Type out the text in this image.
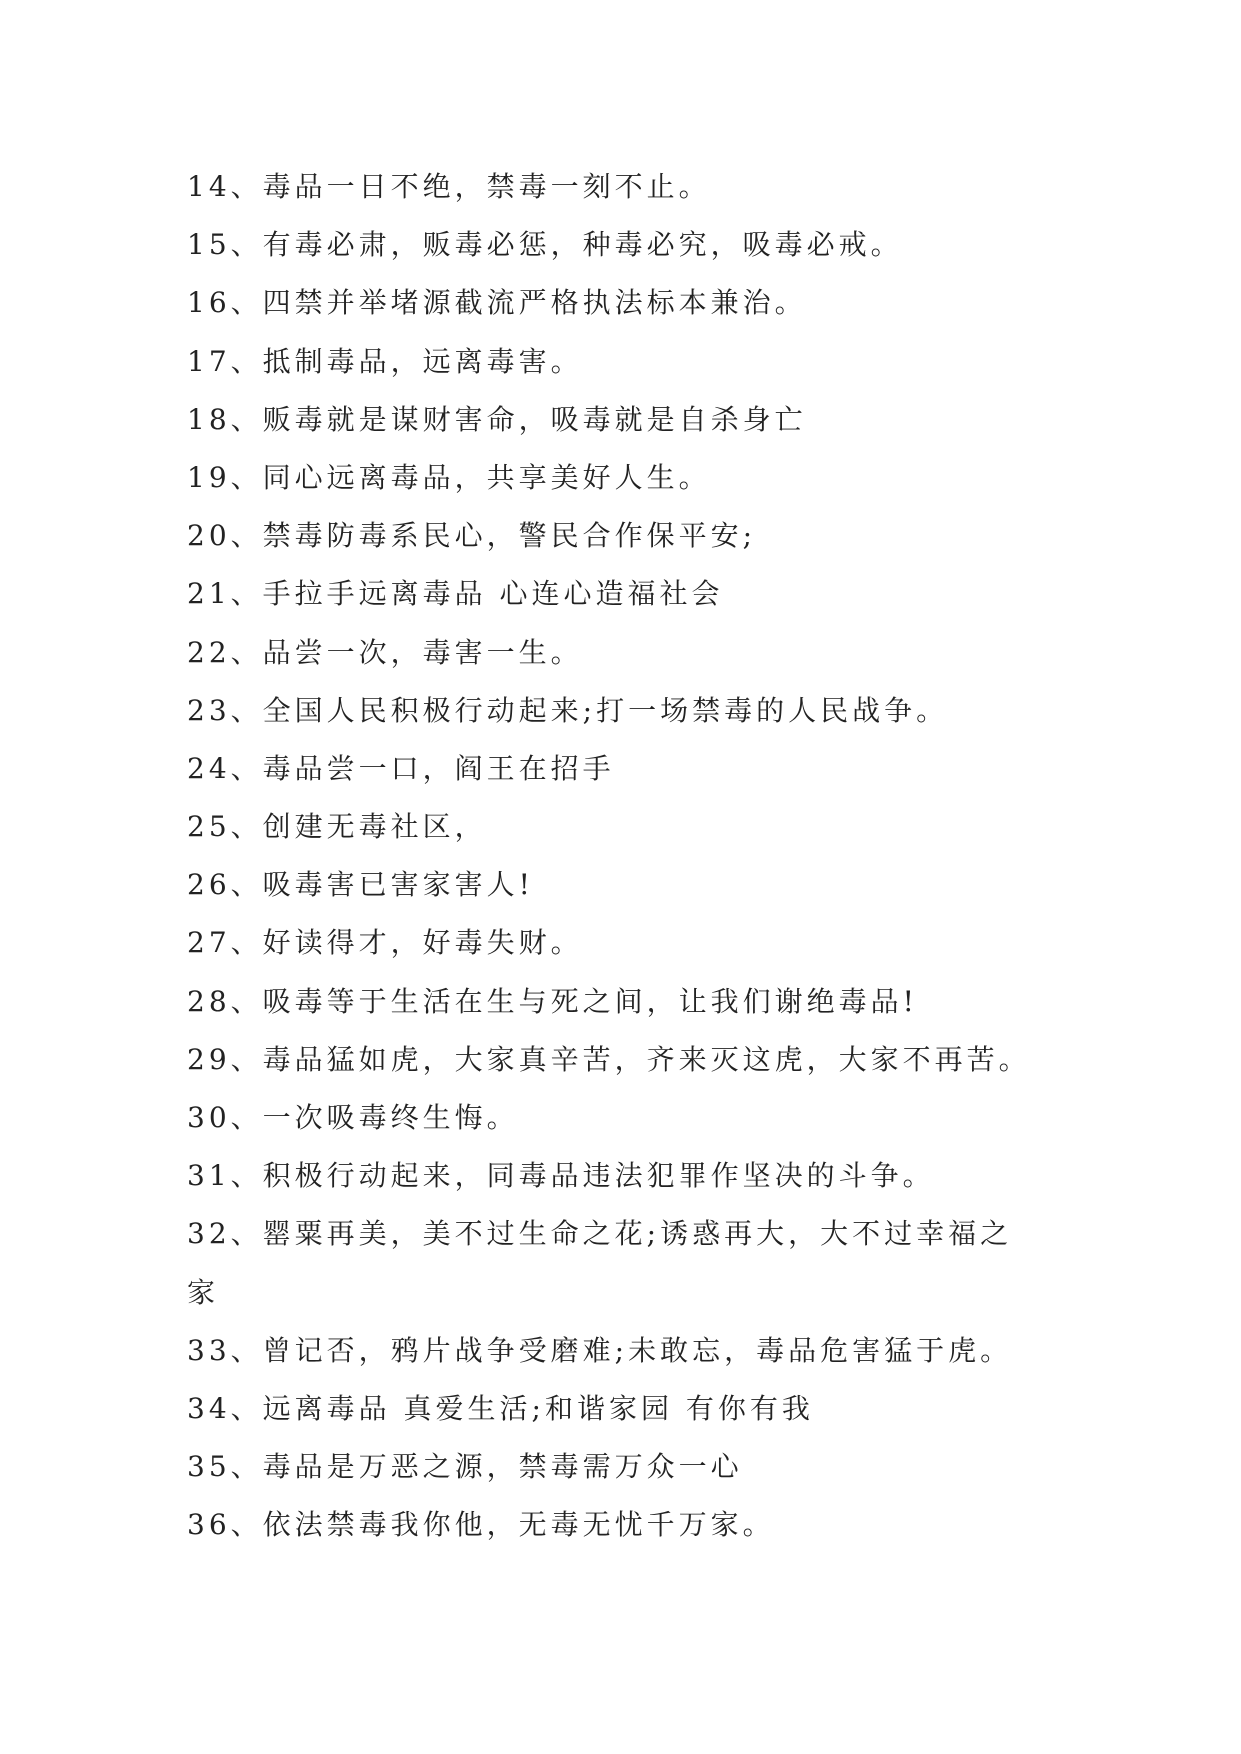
14、毒品一日不绝，禁毒一刻不止。

15、有毒必肃，贩毒必惩，种毒必究，吸毒必戒。

16、四禁并举堵源截流严格执法标本兼治。

17、抵制毒品，远离毒害。

18、贩毒就是谋财害命，吸毒就是自杀身亡

19、同心远离毒品，共享美好人生。

20、禁毒防毒系民心，警民合作保平安;

21、手拉手远离毒品 心连心造福社会

22、品尝一次，毒害一生。

23、全国人民积极行动起来;打一场禁毒的人民战争。

24、毒品尝一口，阎王在招手

25、创建无毒社区，

26、吸毒害已害家害人!

27、好读得才，好毒失财。

28、吸毒等于生活在生与死之间，让我们谢绝毒品!

29、毒品猛如虎，大家真辛苦，齐来灭这虎，大家不再苦。

30、一次吸毒终生悔。

31、积极行动起来，同毒品违法犯罪作坚决的斗争。

32、罂粟再美，美不过生命之花;诱惑再大，大不过幸福之

家

33、曾记否，鸦片战争受磨难;未敢忘，毒品危害猛于虎。

34、远离毒品 真爱生活;和谐家园 有你有我

35、毒品是万恶之源，禁毒需万众一心

36、依法禁毒我你他，无毒无忧千万家。
